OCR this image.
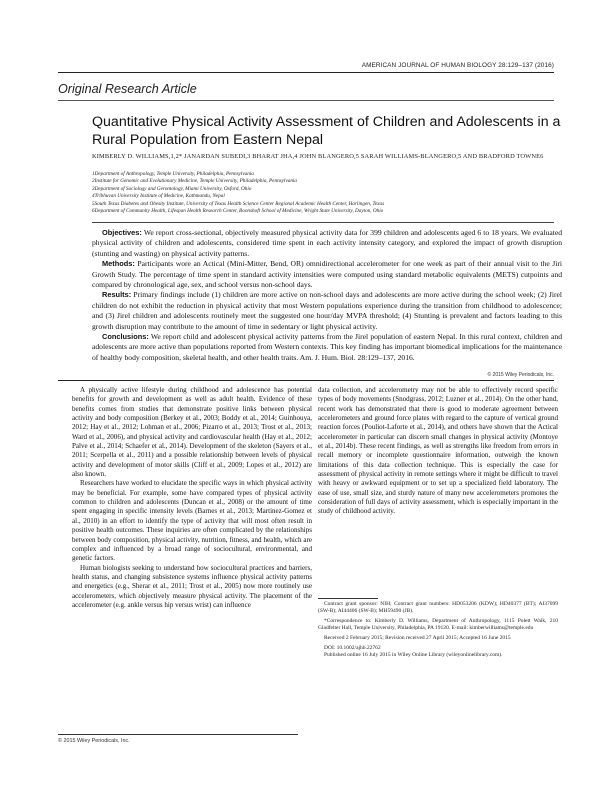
AMERICAN JOURNAL OF HUMAN BIOLOGY 28:129–137 (2016)
Original Research Article
Quantitative Physical Activity Assessment of Children and Adolescents in a Rural Population from Eastern Nepal
KIMBERLY D. WILLIAMS,1,2* JANARDAN SUBEDI,3 BHARAT JHA,4 JOHN BLANGERO,5 SARAH WILLIAMS-BLANGERO,5 AND BRADFORD TOWNE6
1Department of Anthropology, Temple University, Philadelphia, Pennsylvania
2Institute for Genomic and Evolutionary Medicine, Temple University, Philadelphia, Pennsylvania
3Department of Sociology and Gerontology, Miami University, Oxford, Ohio
4Tribhuvan University Institute of Medicine, Kathmandu, Nepal
5South Texas Diabetes and Obesity Institute, University of Texas Health Science Center Regional Academic Health Center, Harlingen, Texas
6Department of Community Health, Lifespan Health Research Center, Boonshoft School of Medicine, Wright State University, Dayton, Ohio

Objectives: We report cross-sectional, objectively measured physical activity data for 399 children and adolescents aged 6 to 18 years. We evaluated physical activity of children and adolescents, considered time spent in each activity intensity category, and explored the impact of growth disruption (stunting and wasting) on physical activity patterns.

Methods: Participants wore an Actical (Mini-Mitter, Bend, OR) omnidirectional accelerometer for one week as part of their annual visit to the Jiri Growth Study. The percentage of time spent in standard activity intensities were computed using standard metabolic equivalents (METS) cutpoints and compared by chronological age, sex, and school versus non-school days.

Results: Primary findings include (1) children are more active on non-school days and adolescents are more active during the school week; (2) Jirel children do not exhibit the reduction in physical activity that most Western populations experience during the transition from childhood to adolescence; and (3) Jirel children and adolescents routinely meet the suggested one hour/day MVPA threshold; (4) Stunting is prevalent and factors leading to this growth disruption may contribute to the amount of time in sedentary or light physical activity.

Conclusions: We report child and adolescent physical activity patterns from the Jirel population of eastern Nepal. In this rural context, children and adolescents are more active than populations reported from Western contexts. This key finding has important biomedical implications for the maintenance of healthy body composition, skeletal health, and other health traits. Am. J. Hum. Biol. 28:129–137, 2016.

© 2015 Wiley Periodicals, Inc.

A physically active lifestyle during childhood and adolescence has potential benefits for growth and development as well as adult health. Evidence of these benefits comes from studies that demonstrate positive links between physical activity and body composition (Berkey et al., 2003; Boddy et al., 2014; Guinhouya, 2012; Hay et al., 2012; Lohman et al., 2006; Pizarro et al., 2013; Trost et al., 2013; Ward et al., 2006), and physical activity and cardiovascular health (Hay et al., 2012; Palve et al., 2014; Schaefer et al., 2014). Development of the skeleton (Sayers et al., 2011; Scerpella et al., 2011) and a possible relationship between levels of physical activity and development of motor skills (Cliff et al., 2009; Lopes et al., 2012) are also known.

Researchers have worked to elucidate the specific ways in which physical activity may be beneficial. For example, some have compared types of physical activity common to children and adolescents (Duncan et al., 2008) or the amount of time spent engaging in specific intensity levels (Barnes et al., 2013; Martinez-Gomez et al., 2010) in an effort to identify the type of activity that will most often result in positive health outcomes. These inquiries are often complicated by the relationships between body composition, physical activity, nutrition, fitness, and health, which are complex and influenced by a broad range of sociocultural, environmental, and genetic factors.

Human biologists seeking to understand how sociocultural practices and barriers, health status, and changing subsistence systems influence physical activity patterns and energetics (e.g., Sherar et al., 2011; Trost et al., 2005) now more routinely use accelerometers, which objectively measure physical activity. The placement of the accelerometer (e.g. ankle versus hip versus wrist) can influence

data collection, and accelerometry may not be able to effectively record specific types of body movements (Snodgrass, 2012; Luzner et al., 2014). On the other hand, recent work has demonstrated that there is good to moderate agreement between accelerometers and ground force plates with regard to the capture of vertical ground reaction forces (Pouliot-Laforte et al., 2014), and others have shown that the Actical accelerometer in particular can discern small changes in physical activity (Montoye et al., 2014b). These recent findings, as well as strengths like freedom from errors in recall memory or incomplete questionnaire information, outweigh the known limitations of this data collection technique. This is especially the case for assessment of physical activity in remote settings where it might be difficult to travel with heavy or awkward equipment or to set up a specialized field laboratory. The ease of use, small size, and sturdy nature of many new accelerometers promotes the consideration of full days of activity assessment, which is especially important in the study of childhood activity.

Contract grant sponsor: NIH; Contract grant numbers: HD053206 (KDW); HD40377 (BT); AI37099 (SW-B); AI44406 (SW-B); MH59490 (JB).

*Correspondence to: Kimberly D. Williams, Department of Anthropology, 1115 Polett Walk, 210 Gladfelter Hall, Temple University, Philadelphia, PA 19120. E-mail: kimberwilliams@temple.edu

Received 2 February 2015; Revision received 27 April 2015; Accepted 16 June 2015

DOI: 10.1002/ajhb.22762

Published online 16 July 2015 in Wiley Online Library (wileyonlinelibrary.com).

© 2015 Wiley Periodicals, Inc.
